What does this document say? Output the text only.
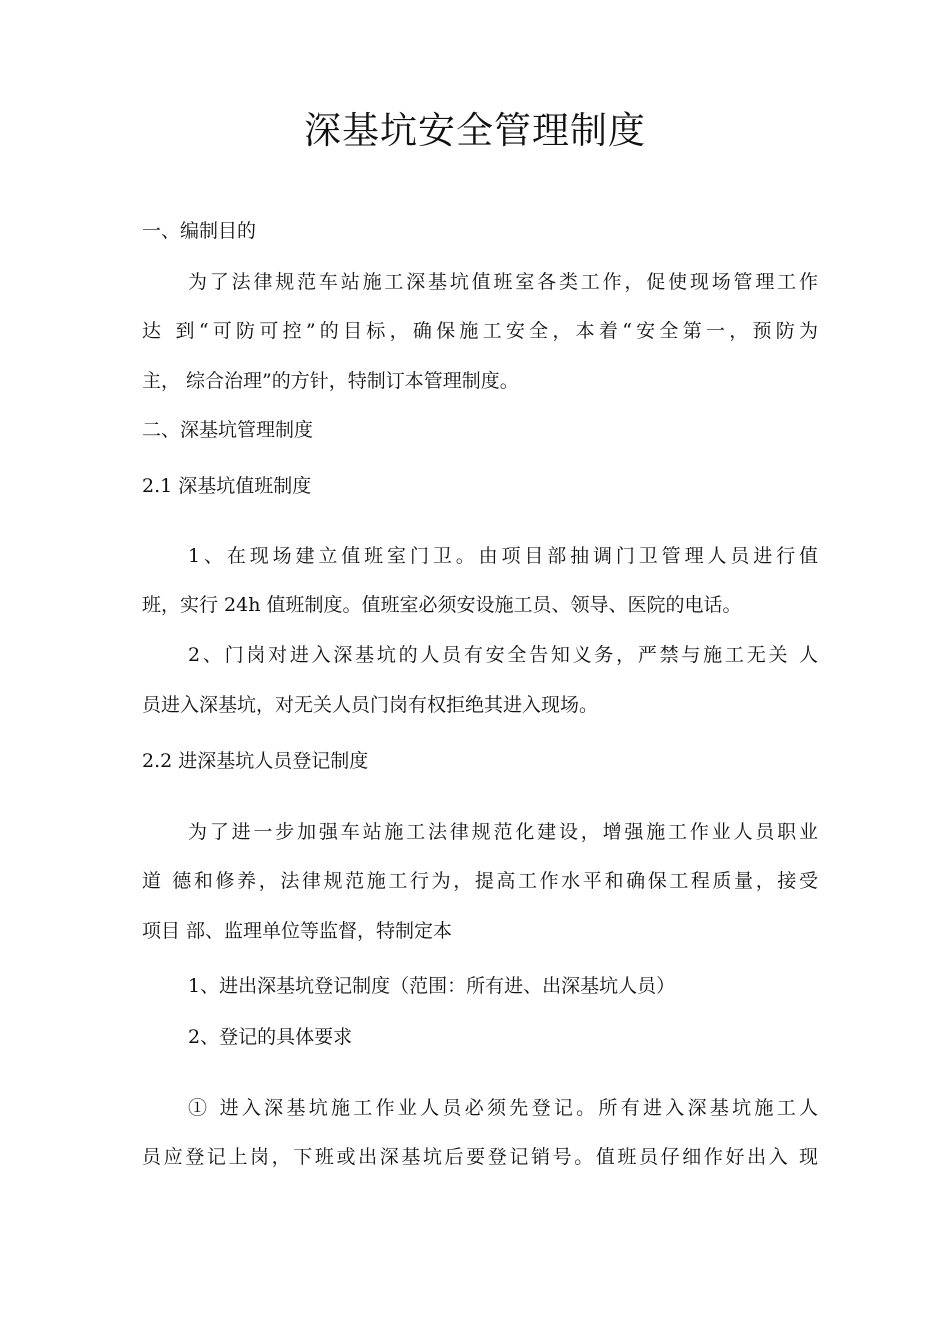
深基坑安全管理制度
一、编制目的
为了法律规范车站施工深基坑值班室各类工作，促使现场管理工作
达 到“可防可控”的目标，确保施工安全，本着“安全第一，预防为
主， 综合治理”的方针，特制订本管理制度。
二、深基坑管理制度
2.1 深基坑值班制度
1、在现场建立值班室门卫。由项目部抽调门卫管理人员进行值
班，实行 24h 值班制度。值班室必须安设施工员、领导、医院的电话。
2、门岗对进入深基坑的人员有安全告知义务，严禁与施工无关 人
员进入深基坑，对无关人员门岗有权拒绝其进入现场。
2.2 进深基坑人员登记制度
为了进一步加强车站施工法律规范化建设，增强施工作业人员职业
道 德和修养，法律规范施工行为，提高工作水平和确保工程质量，接受
项目 部、监理单位等监督，特制定本
1、进出深基坑登记制度（范围：所有进、出深基坑人员）
2、登记的具体要求
① 进入深基坑施工作业人员必须先登记。所有进入深基坑施工人
员应登记上岗，下班或出深基坑后要登记销号。值班员仔细作好出入 现
